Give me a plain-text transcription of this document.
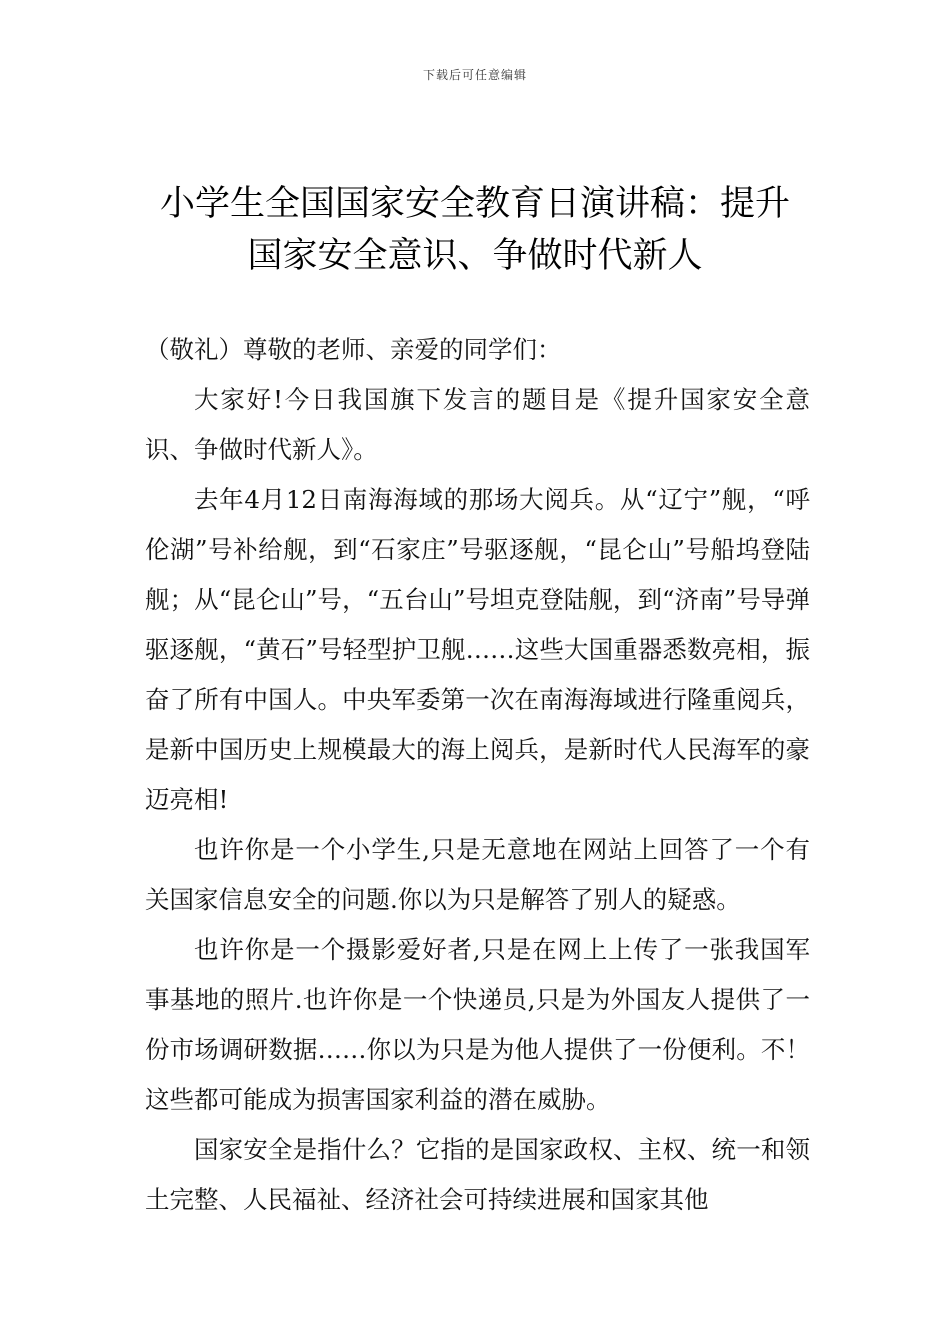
下载后可任意编辑
小学生全国国家安全教育日演讲稿：提升
国家安全意识、争做时代新人

（敬礼）尊敬的老师、亲爱的同学们：

大家好!今日我国旗下发言的题目是《提升国家安全意识、争做时代新人》。

去年4月12日南海海域的那场大阅兵。从“辽宁”舰，“呼伦湖”号补给舰，到“石家庄”号驱逐舰，“昆仑山”号船坞登陆舰；从“昆仑山”号，“五台山”号坦克登陆舰，到“济南”号导弹驱逐舰，“黄石”号轻型护卫舰……这些大国重器悉数亮相，振奋了所有中国人。中央军委第一次在南海海域进行隆重阅兵，是新中国历史上规模最大的海上阅兵，是新时代人民海军的豪迈亮相!

也许你是一个小学生,只是无意地在网站上回答了一个有关国家信息安全的问题.你以为只是解答了别人的疑惑。

也许你是一个摄影爱好者,只是在网上上传了一张我国军事基地的照片.也许你是一个快递员,只是为外国友人提供了一份市场调研数据……你以为只是为他人提供了一份便利。不！这些都可能成为损害国家利益的潜在威胁。

国家安全是指什么？它指的是国家政权、主权、统一和领土完整、人民福祉、经济社会可持续进展和国家其他
